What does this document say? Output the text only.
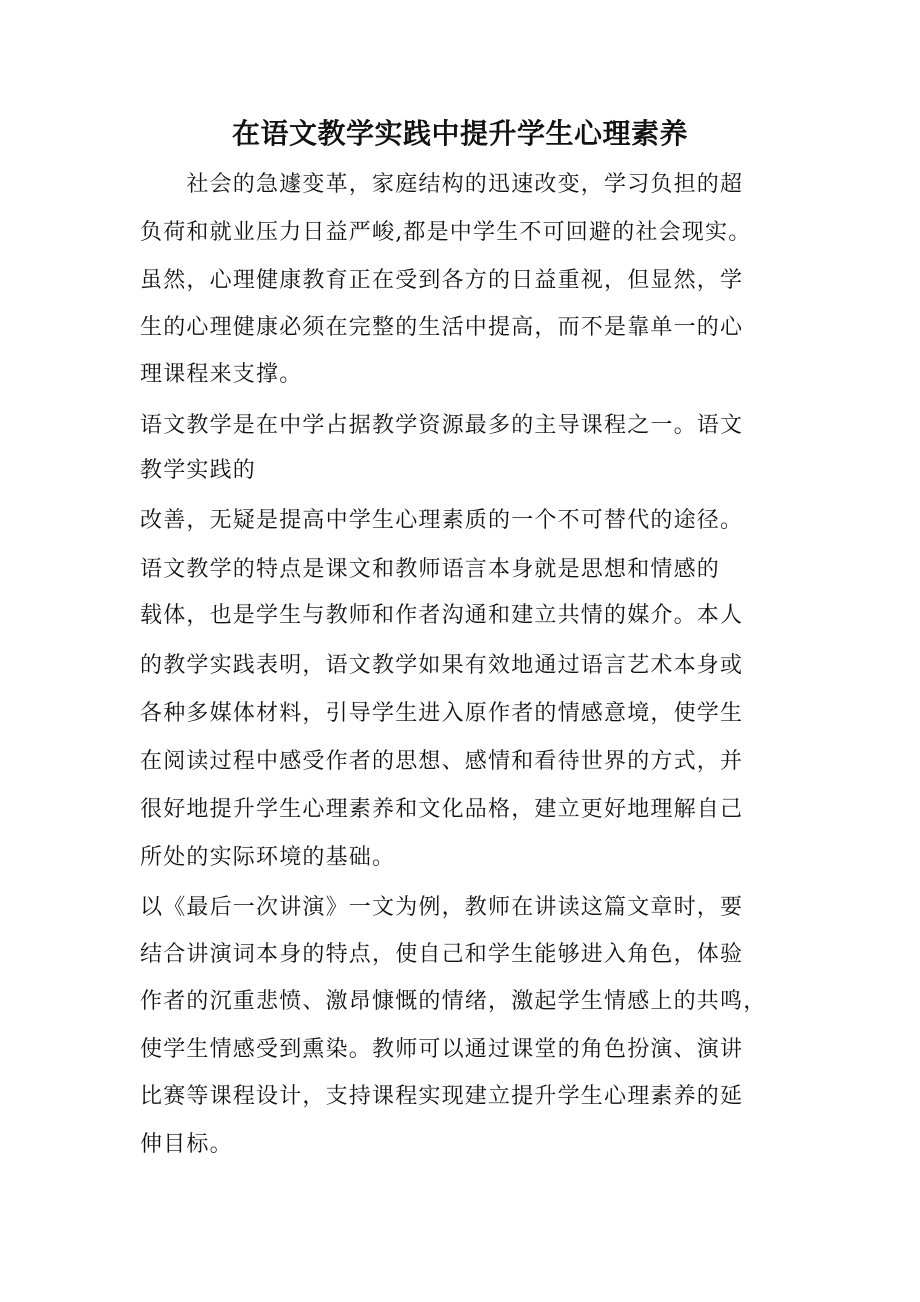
在语文教学实践中提升学生心理素养
　　社会的急遽变革，家庭结构的迅速改变，学习负担的超
负荷和就业压力日益严峻,都是中学生不可回避的社会现实。
虽然，心理健康教育正在受到各方的日益重视，但显然，学
生的心理健康必须在完整的生活中提高，而不是靠单一的心
理课程来支撑。
语文教学是在中学占据教学资源最多的主导课程之一。语文
教学实践的
改善，无疑是提高中学生心理素质的一个不可替代的途径。
语文教学的特点是课文和教师语言本身就是思想和情感的
载体，也是学生与教师和作者沟通和建立共情的媒介。本人
的教学实践表明，语文教学如果有效地通过语言艺术本身或
各种多媒体材料，引导学生进入原作者的情感意境，使学生
在阅读过程中感受作者的思想、感情和看待世界的方式，并
很好地提升学生心理素养和文化品格，建立更好地理解自己
所处的实际环境的基础。
以《最后一次讲演》一文为例，教师在讲读这篇文章时，要
结合讲演词本身的特点，使自己和学生能够进入角色，体验
作者的沉重悲愤、激昂慷慨的情绪，激起学生情感上的共鸣，
使学生情感受到熏染。教师可以通过课堂的角色扮演、演讲
比赛等课程设计，支持课程实现建立提升学生心理素养的延
伸目标。
